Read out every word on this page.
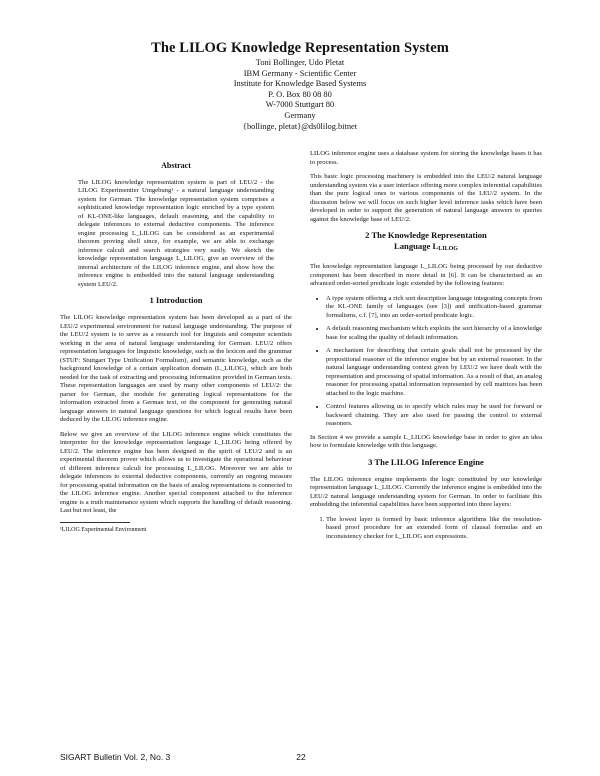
The LILOG Knowledge Representation System
Toni Bollinger, Udo Pletat
IBM Germany - Scientific Center
Institute for Knowledge Based Systems
P. O. Box 80 08 80
W-7000 Stuttgart 80
Germany
{bollinge, pletat}@ds0lilog.bitnet
Abstract

The LILOG knowledge representation system is part of LEU/2 - the LILOG Experimentier Umgebung¹ - a natural language understanding system for German. The knowledge representation system comprises a sophisticated knowledge representation logic enriched by a type system of KL-ONE-like languages, default reasoning, and the capability to delegate inferences to external deductive components. The inference engine processing L_LILOG can be considered as an experimental theorem proving shell since, for example, we are able to exchange inference calculi and search strategies very easily. We sketch the knowledge representation language L_LILOG, give an overview of the internal architecture of the LILOG inference engine, and show how the inference engine is embedded into the natural language understanding system LEU/2.

1 Introduction

The LILOG knowledge representation system has been developed as a part of the LEU/2 experimental environment for natural language understanding. The purpose of the LEU/2 system is to serve as a research tool for linguists and computer scientists working in the area of natural language understanding for German. LEU/2 offers representation languages for linguistic knowledge, such as the lexicon and the grammar (STUF: Stuttgart Type Unification Formalism), and semantic knowledge, such as the background knowledge of a certain application domain (L_LILOG), which are both needed for the task of extracting and processing information provided in German texts. These representation languages are used by many other components of LEU/2: the parser for German, the module for generating logical representations for the information extracted from a German text, or the component for generating natural language answers to natural language questions for which logical results have been deduced by the LILOG inference engine.

Below we give an overview of the LILOG inference engine which constitutes the interpreter for the knowledge representation language L_LILOG being offered by LEU/2. The inference engine has been designed in the spirit of LEU/2 and is an experimental theorem prover which allows us to investigate the operational behaviour of different inference calculi for processing L_LILOG. Moreover we are able to delegate inferences to external deductive components, currently an ongoing measure for processing spatial information on the basis of analog representations is connected to the LILOG inference engine. Another special component attached to the inference engine is a truth maintenance system which supports the handling of default reasoning. Last but not least, the

¹LILOG Experimental Environment

LILOG inference engine uses a database system for storing the knowledge bases it has to process.

This basic logic processing machinery is embedded into the LEU/2 natural language understanding system via a user interface offering more complex inferential capabilities than the pure logical ones to various components of the LEU/2 system. In the discussion below we will focus on such higher level inference tasks which have been developed in order to support the generation of natural language answers to queries against the knowledge base of LEU/2.

2 The Knowledge Representation
Language LLILOG

The knowledge representation language L_LILOG being processed by our deductive component has been described in more detail in [6]. It can be characterised as an advanced order-sorted predicate logic extended by the following features:

• A type system offering a rich sort description language integrating concepts from the KL-ONE family of languages (see [3]) and unification-based grammar formalisms, c.f. [7], into an order-sorted predicate logic.
• A default reasoning mechanism which exploits the sort hierarchy of a knowledge base for scaling the quality of default information.
• A mechanism for describing that certain goals shall not be processed by the propositional reasoner of the inference engine but by an external reasoner. In the natural language understanding context given by LEU/2 we have dealt with the representation and processing of spatial information. As a result of that, an analog reasoner for processing spatial information represented by cell matrices has been attached to the logic machine.
• Control features allowing us to specify which rules may be used for forward or backward chaining. They are also used for passing the control to external reasoners.

In Section 4 we provide a sample L_LILOG knowledge base in order to give an idea how to formulate knowledge with this language.

3 The LILOG Inference Engine

The LILOG inference engine implements the logic constituted by our knowledge representation language L_LILOG. Currently the inference engine is embedded into the LEU/2 natural language understanding system for German. In order to facilitate this embedding the inferential capabilities have been supported into three layers:

1. The lowest layer is formed by basic inference algorithms like the resolution-based proof procedure for an extended form of clausal formulas and an inconsistency checker for L_LILOG sort expressions.
SIGART Bulletin Vol. 2, No. 3	22
